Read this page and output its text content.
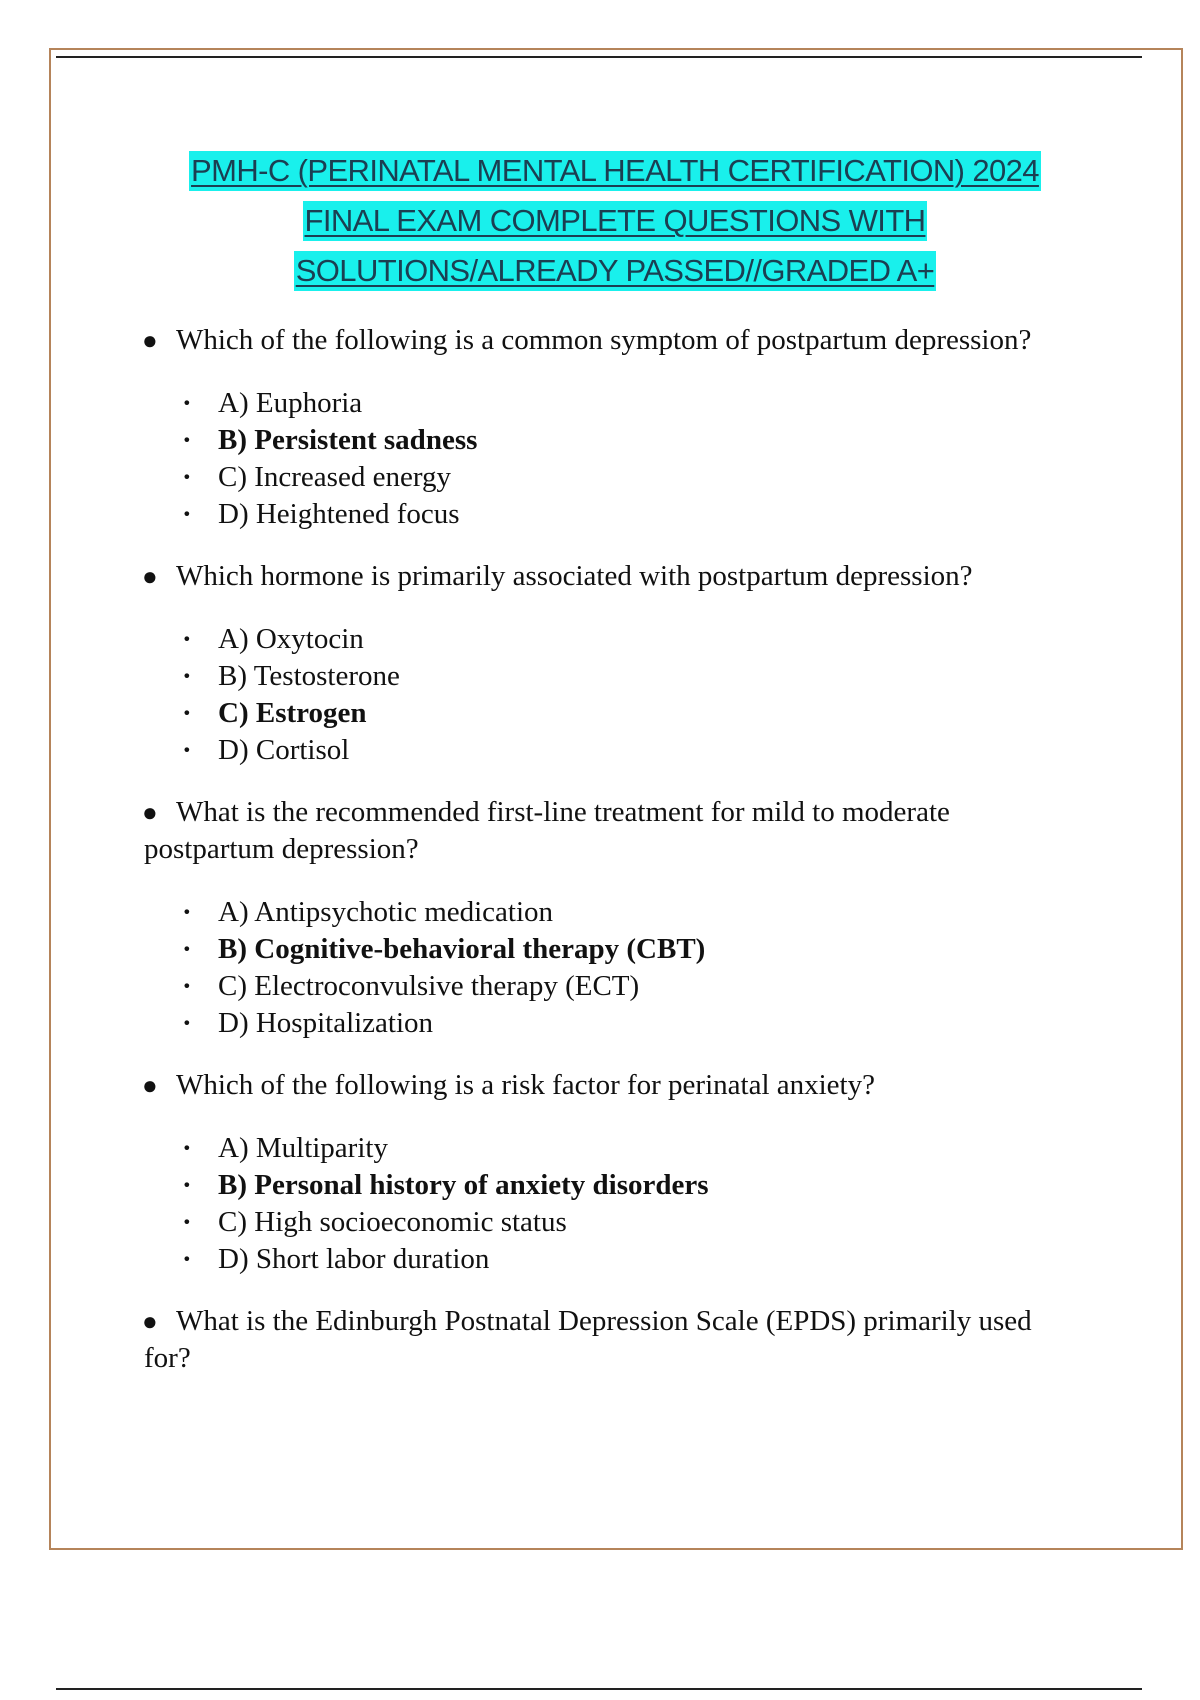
PMH-C (PERINATAL MENTAL HEALTH CERTIFICATION) 2024
FINAL EXAM COMPLETE QUESTIONS WITH
SOLUTIONS/ALREADY PASSED//GRADED A+

● Which of the following is a common symptom of postpartum depression?

· A) Euphoria
· B) Persistent sadness
· C) Increased energy
· D) Heightened focus

● Which hormone is primarily associated with postpartum depression?

· A) Oxytocin
· B) Testosterone
· C) Estrogen
· D) Cortisol

● What is the recommended first-line treatment for mild to moderate postpartum depression?

· A) Antipsychotic medication
· B) Cognitive-behavioral therapy (CBT)
· C) Electroconvulsive therapy (ECT)
· D) Hospitalization

● Which of the following is a risk factor for perinatal anxiety?

· A) Multiparity
· B) Personal history of anxiety disorders
· C) High socioeconomic status
· D) Short labor duration

● What is the Edinburgh Postnatal Depression Scale (EPDS) primarily used for?
